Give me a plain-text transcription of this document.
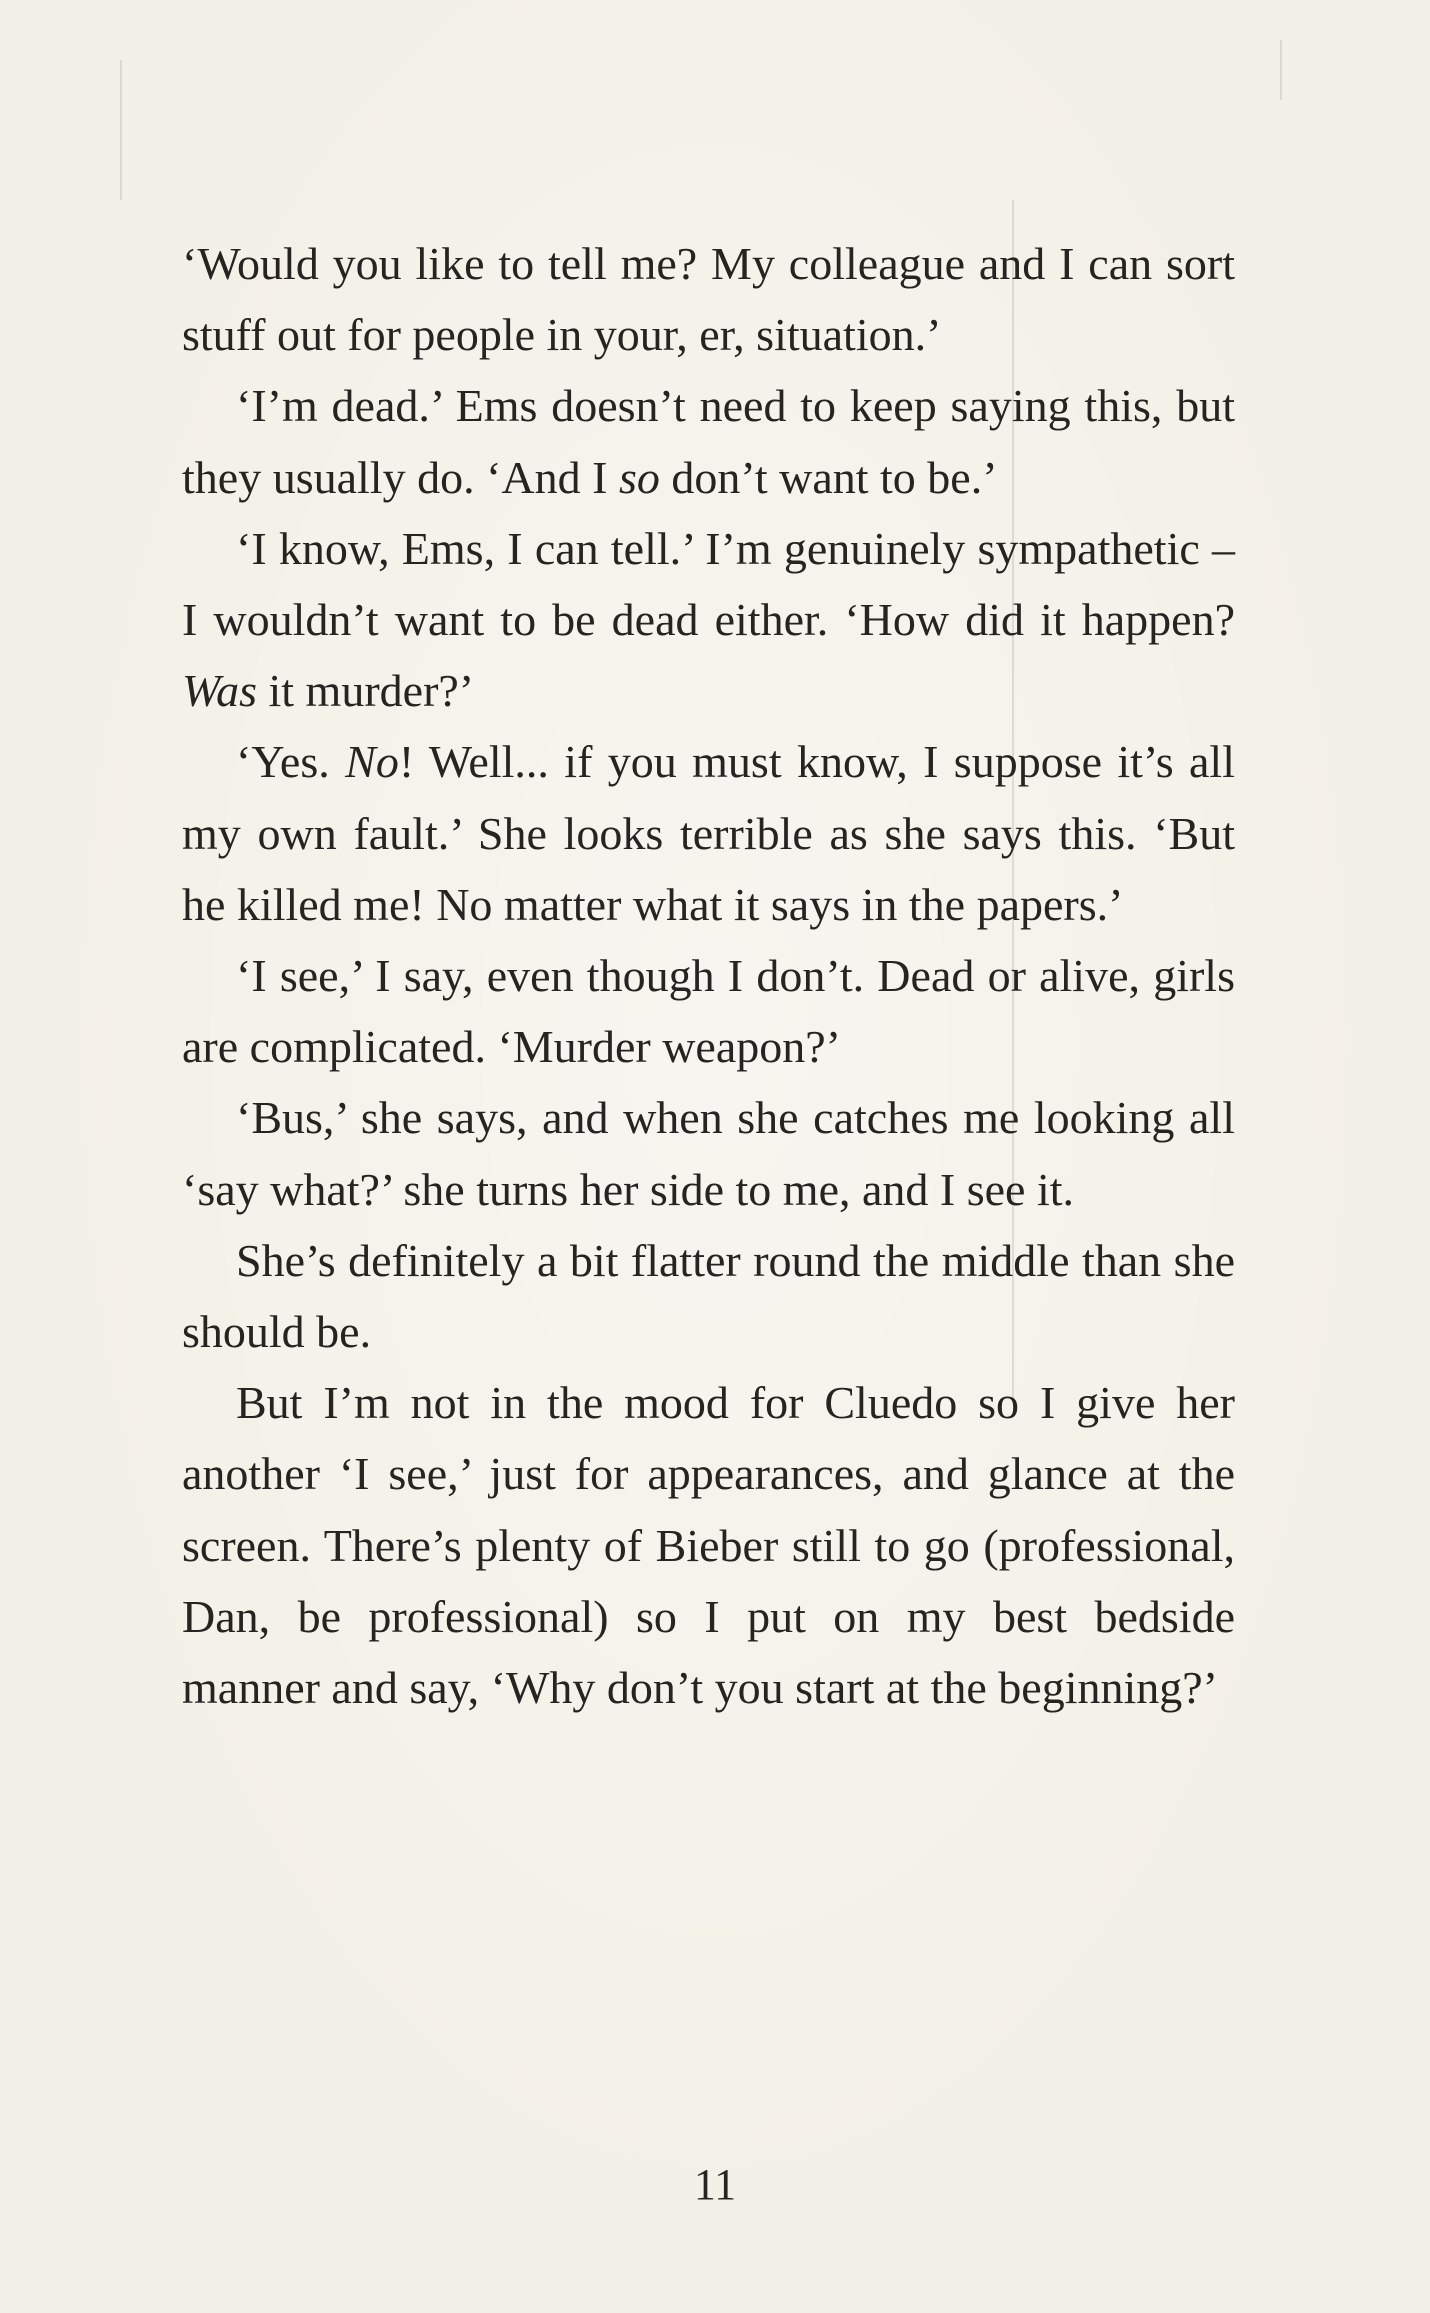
‘Would you like to tell me? My colleague and I can sort stuff out for people in your, er, situation.’

‘I’m dead.’ Ems doesn’t need to keep saying this, but they usually do. ‘And I so don’t want to be.’

‘I know, Ems, I can tell.’ I’m genuinely sympathetic – I wouldn’t want to be dead either. ‘How did it happen? Was it murder?’

‘Yes. No! Well... if you must know, I suppose it’s all my own fault.’ She looks terrible as she says this. ‘But he killed me! No matter what it says in the papers.’

‘I see,’ I say, even though I don’t. Dead or alive, girls are complicated. ‘Murder weapon?’

‘Bus,’ she says, and when she catches me looking all ‘say what?’ she turns her side to me, and I see it.

She’s definitely a bit flatter round the middle than she should be.

But I’m not in the mood for Cluedo so I give her another ‘I see,’ just for appearances, and glance at the screen. There’s plenty of Bieber still to go (professional, Dan, be professional) so I put on my best bedside manner and say, ‘Why don’t you start at the beginning?’

11
